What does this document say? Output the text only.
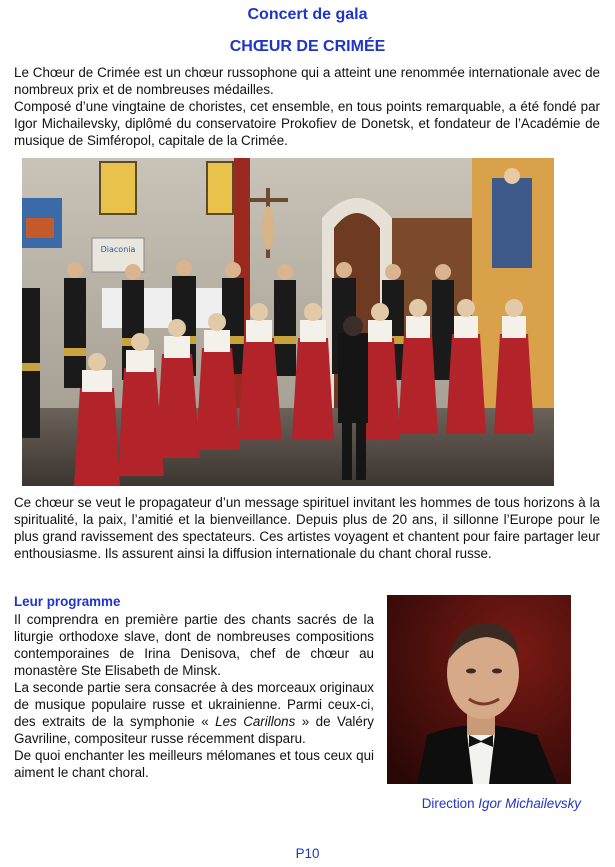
Concert de gala
CHŒUR DE CRIMÉE

Le Chœur de Crimée est un chœur russophone qui a atteint une renommée internationale avec de nombreux prix et de nombreuses médailles.

Composé d’une vingtaine de choristes, cet ensemble, en tous points remarquable, a été fondé par Igor Michailevsky, diplômé du conservatoire Prokofiev de Donetsk, et fondateur de l’Académie de musique de Simféropol, capitale de la Crimée.

Diaconia
Ce chœur se veut le propagateur d’un message spirituel invitant les hommes de tous horizons à la spiritualité, la paix, l’amitié et la bienveillance. Depuis plus de 20 ans, il sillonne l’Europe pour le plus grand ravissement des spectateurs. Ces artistes voyagent et chantent pour faire partager leur enthousiasme. Ils assurent ainsi la diffusion internationale du chant choral russe.
Leur programme

Il comprendra en première partie des chants sacrés de la liturgie orthodoxe slave, dont de nombreuses compositions contemporaines de Irina Denisova, chef de chœur au monastère Ste Elisabeth de Minsk.

La seconde partie sera consacrée à des morceaux originaux de musique populaire russe et ukrainienne. Parmi ceux-ci, des extraits de la symphonie « Les Carillons » de Valéry Gavriline, compositeur russe récemment disparu.

De quoi enchanter les meilleurs mélomanes et tous ceux qui aiment le chant choral.

Direction Igor Michailevsky
P10
